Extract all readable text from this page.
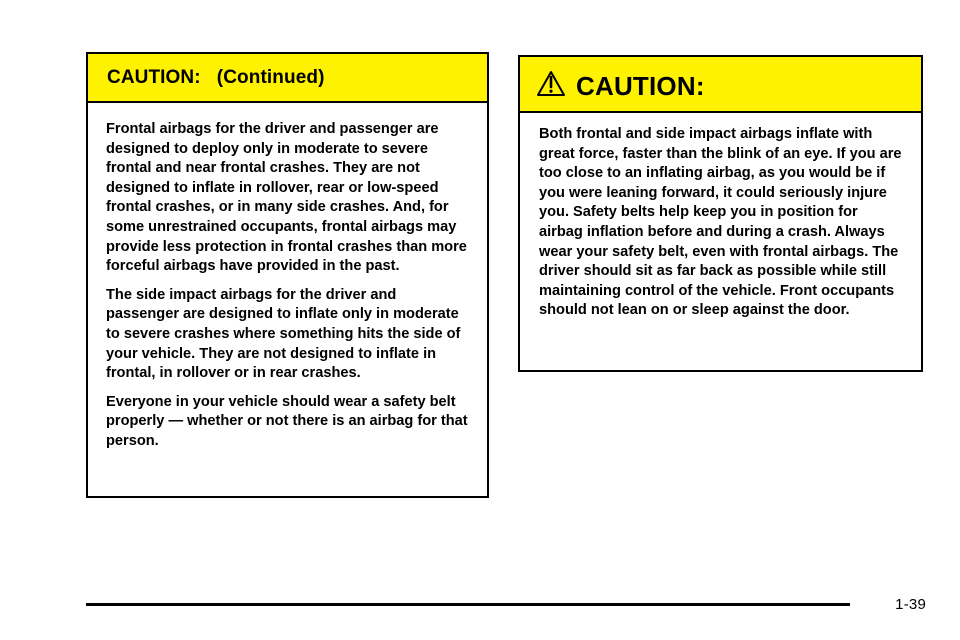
CAUTION:   (Continued)

Frontal airbags for the driver and passenger are designed to deploy only in moderate to severe frontal and near frontal crashes. They are not designed to inflate in rollover, rear or low-speed frontal crashes, or in many side crashes. And, for some unrestrained occupants, frontal airbags may provide less protection in frontal crashes than more forceful airbags have provided in the past.

The side impact airbags for the driver and passenger are designed to inflate only in moderate to severe crashes where something hits the side of your vehicle. They are not designed to inflate in frontal, in rollover or in rear crashes.

Everyone in your vehicle should wear a safety belt properly — whether or not there is an airbag for that person.

CAUTION:

Both frontal and side impact airbags inflate with great force, faster than the blink of an eye. If you are too close to an inflating airbag, as you would be if you were leaning forward, it could seriously injure you. Safety belts help keep you in position for airbag inflation before and during a crash. Always wear your safety belt, even with frontal airbags. The driver should sit as far back as possible while still maintaining control of the vehicle. Front occupants should not lean on or sleep against the door.

1-39
